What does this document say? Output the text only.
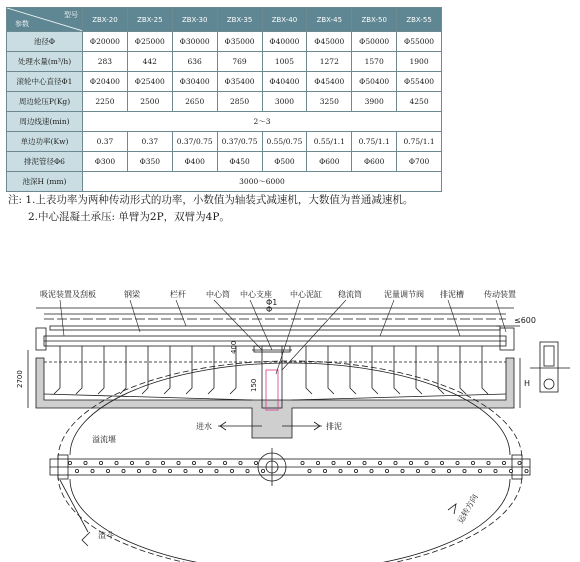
型号
参数	ZBX-20	ZBX-25	ZBX-30	ZBX-35	ZBX-40	ZBX-45	ZBX-50	ZBX-55
池径Φ	Φ20000	Φ25000	Φ30000	Φ35000	Φ40000	Φ45000	Φ50000	Φ55000
处理水量(m³/h)	283	442	636	769	1005	1272	1570	1900
滚轮中心直径Φ1	Φ20400	Φ25400	Φ30400	Φ35400	Φ40400	Φ45400	Φ50400	Φ55400
周边轮压P(Kg)	2250	2500	2650	2850	3000	3250	3900	4250
周边线速(min)	2～3							
单边功率(Kw)	0.37	0.37	0.37/0.75	0.37/0.75	0.55/0.75	0.55/1.1	0.75/1.1	0.75/1.1
排泥管径Φ6	Φ300	Φ350	Φ400	Φ450	Φ500	Φ600	Φ600	Φ700
池深H (mm)	3000～6000							
注: 1.上表功率为两种传动形式的功率，小数值为轴装式减速机，大数值为普通减速机。
2.中心混凝土承压: 单臂为2P，双臂为4P。
吸泥装置及刮板	钢梁	栏杆	中心筒 中心支座 中心泥缸 稳流筒	泥量调节阀 排泥槽	传动装置
Φ
Φ1
≤600
400
2700	150	H
进水	排泥
溢流堰
渣斗
运转方向
